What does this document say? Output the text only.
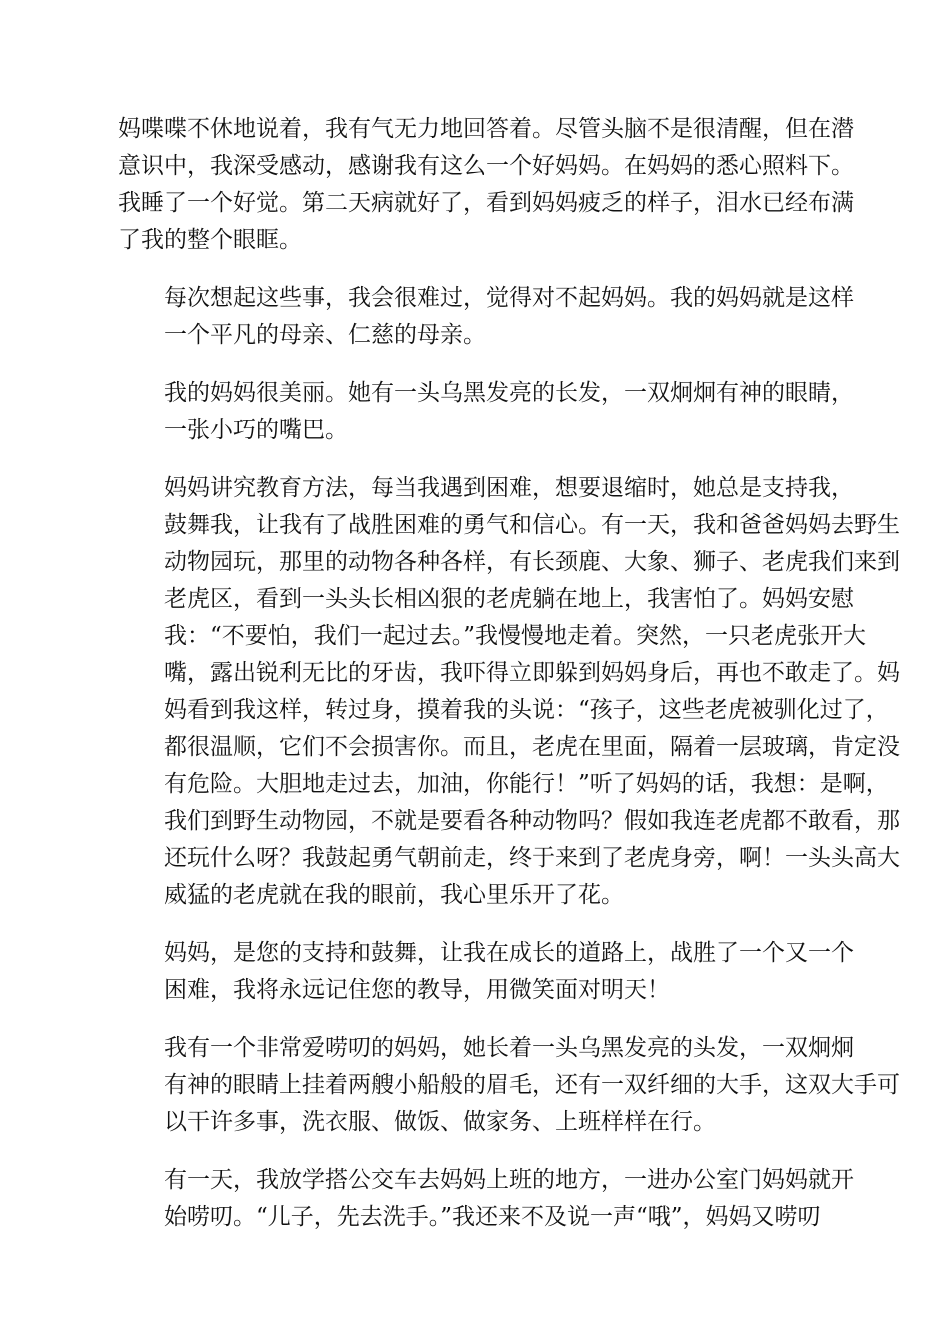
妈喋喋不休地说着，我有气无力地回答着。尽管头脑不是很清醒，但在潜
意识中，我深受感动，感谢我有这么一个好妈妈。在妈妈的悉心照料下。
我睡了一个好觉。第二天病就好了，看到妈妈疲乏的样子，泪水已经布满
了我的整个眼眶。
每次想起这些事，我会很难过，觉得对不起妈妈。我的妈妈就是这样
一个平凡的母亲、仁慈的母亲。
我的妈妈很美丽。她有一头乌黑发亮的长发，一双炯炯有神的眼睛，
一张小巧的嘴巴。
妈妈讲究教育方法，每当我遇到困难，想要退缩时，她总是支持我，
鼓舞我，让我有了战胜困难的勇气和信心。有一天，我和爸爸妈妈去野生
动物园玩，那里的动物各种各样，有长颈鹿、大象、狮子、老虎我们来到
老虎区，看到一头头长相凶狠的老虎躺在地上，我害怕了。妈妈安慰
我：“不要怕，我们一起过去。”我慢慢地走着。突然，一只老虎张开大
嘴，露出锐利无比的牙齿，我吓得立即躲到妈妈身后，再也不敢走了。妈
妈看到我这样，转过身，摸着我的头说：“孩子，这些老虎被驯化过了，
都很温顺，它们不会损害你。而且，老虎在里面，隔着一层玻璃，肯定没
有危险。大胆地走过去，加油，你能行！”听了妈妈的话，我想：是啊，
我们到野生动物园，不就是要看各种动物吗？假如我连老虎都不敢看，那
还玩什么呀？我鼓起勇气朝前走，终于来到了老虎身旁，啊！一头头高大
威猛的老虎就在我的眼前，我心里乐开了花。
妈妈，是您的支持和鼓舞，让我在成长的道路上，战胜了一个又一个
困难，我将永远记住您的教导，用微笑面对明天！
我有一个非常爱唠叨的妈妈，她长着一头乌黑发亮的头发，一双炯炯
有神的眼睛上挂着两艘小船般的眉毛，还有一双纤细的大手，这双大手可
以干许多事，洗衣服、做饭、做家务、上班样样在行。
有一天，我放学搭公交车去妈妈上班的地方，一进办公室门妈妈就开
始唠叨。“儿子，先去洗手。”我还来不及说一声“哦”，妈妈又唠叨
